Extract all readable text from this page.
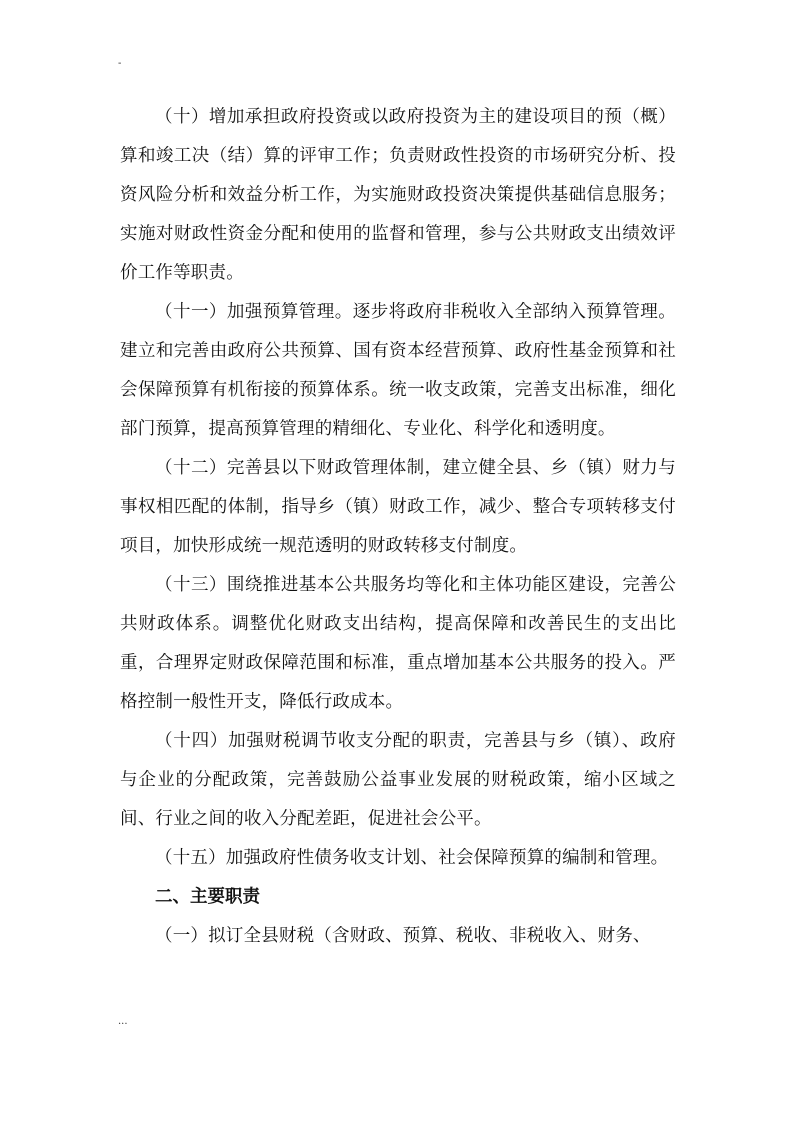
-

（十）增加承担政府投资或以政府投资为主的建设项目的预（概）算和竣工决（结）算的评审工作；负责财政性投资的市场研究分析、投资风险分析和效益分析工作，为实施财政投资决策提供基础信息服务；实施对财政性资金分配和使用的监督和管理，参与公共财政支出绩效评价工作等职责。

（十一）加强预算管理。逐步将政府非税收入全部纳入预算管理。建立和完善由政府公共预算、国有资本经营预算、政府性基金预算和社会保障预算有机衔接的预算体系。统一收支政策，完善支出标准，细化部门预算，提高预算管理的精细化、专业化、科学化和透明度。

（十二）完善县以下财政管理体制，建立健全县、乡（镇）财力与事权相匹配的体制，指导乡（镇）财政工作，减少、整合专项转移支付项目，加快形成统一规范透明的财政转移支付制度。

（十三）围绕推进基本公共服务均等化和主体功能区建设，完善公共财政体系。调整优化财政支出结构，提高保障和改善民生的支出比重，合理界定财政保障范围和标准，重点增加基本公共服务的投入。严格控制一般性开支，降低行政成本。

（十四）加强财税调节收支分配的职责，完善县与乡（镇）、政府与企业的分配政策，完善鼓励公益事业发展的财税政策，缩小区域之间、行业之间的收入分配差距，促进社会公平。

（十五）加强政府性债务收支计划、社会保障预算的编制和管理。

二、主要职责

（一）拟订全县财税（含财政、预算、税收、非税收入、财务、

...
